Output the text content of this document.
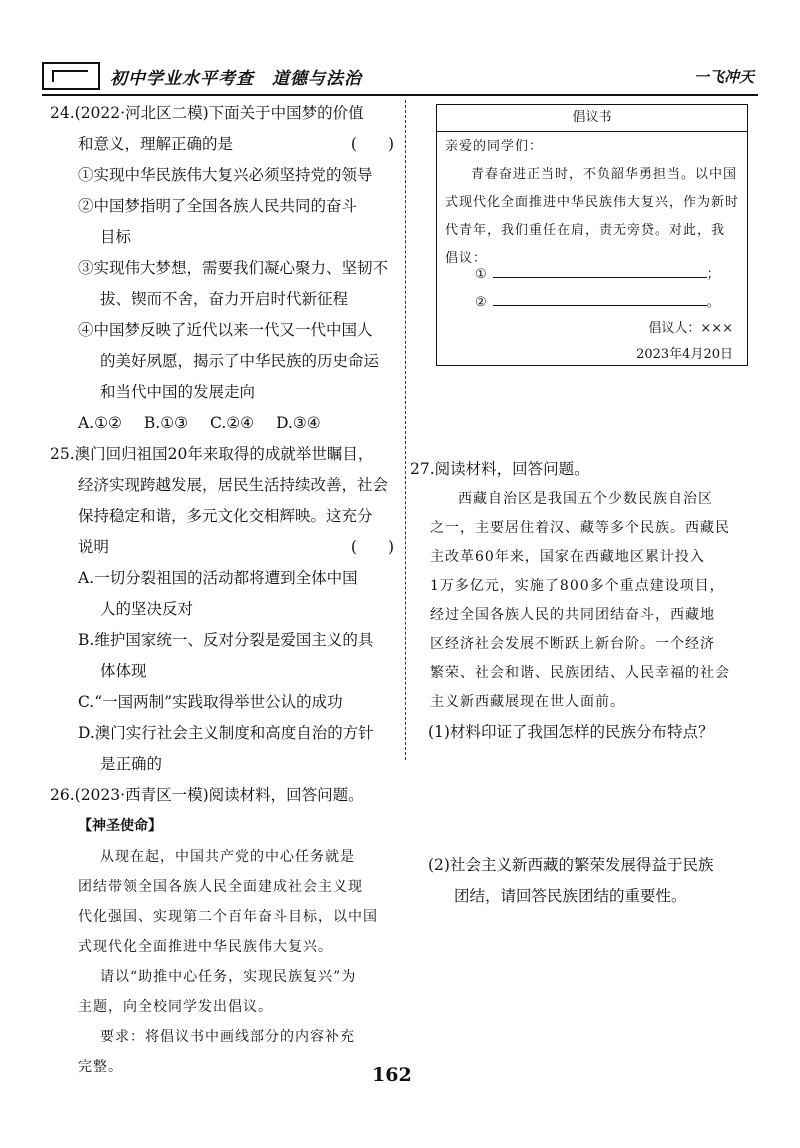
初中学业水平考查　道德与法治	一飞冲天
24.(2022·河北区二模)下面关于中国梦的价值
和意义，理解正确的是	(　　)
①实现中华民族伟大复兴必须坚持党的领导
②中国梦指明了全国各族人民共同的奋斗
目标
③实现伟大梦想，需要我们凝心聚力、坚韧不
拔、锲而不舍，奋力开启时代新征程
④中国梦反映了近代以来一代又一代中国人
的美好夙愿，揭示了中华民族的历史命运
和当代中国的发展走向
A.①② B.①③ C.②④ D.③④
25.澳门回归祖国20年来取得的成就举世瞩目，
经济实现跨越发展，居民生活持续改善，社会
保持稳定和谐，多元文化交相辉映。这充分
说明	(　　)
A.一切分裂祖国的活动都将遭到全体中国
人的坚决反对
B.维护国家统一、反对分裂是爱国主义的具
体体现
C.“一国两制”实践取得举世公认的成功
D.澳门实行社会主义制度和高度自治的方针
是正确的
26.(2023·西青区一模)阅读材料，回答问题。
【神圣使命】
从现在起，中国共产党的中心任务就是
团结带领全国各族人民全面建成社会主义现
代化强国、实现第二个百年奋斗目标，以中国
式现代化全面推进中华民族伟大复兴。
请以“助推中心任务，实现民族复兴”为
主题，向全校同学发出倡议。
要求：将倡议书中画线部分的内容补充
完整。
倡议书
亲爱的同学们：
青春奋进正当时，不负韶华勇担当。以中国
式现代化全面推进中华民族伟大复兴，作为新时
代青年，我们重任在肩，责无旁贷。对此，我
倡议：
①	；
②	。
倡议人：×××
2023年4月20日
27.阅读材料，回答问题。
西藏自治区是我国五个少数民族自治区
之一，主要居住着汉、藏等多个民族。西藏民
主改革60年来，国家在西藏地区累计投入
1万多亿元，实施了800多个重点建设项目，
经过全国各族人民的共同团结奋斗，西藏地
区经济社会发展不断跃上新台阶。一个经济
繁荣、社会和谐、民族团结、人民幸福的社会
主义新西藏展现在世人面前。
(1)材料印证了我国怎样的民族分布特点？
(2)社会主义新西藏的繁荣发展得益于民族
团结，请回答民族团结的重要性。
162
